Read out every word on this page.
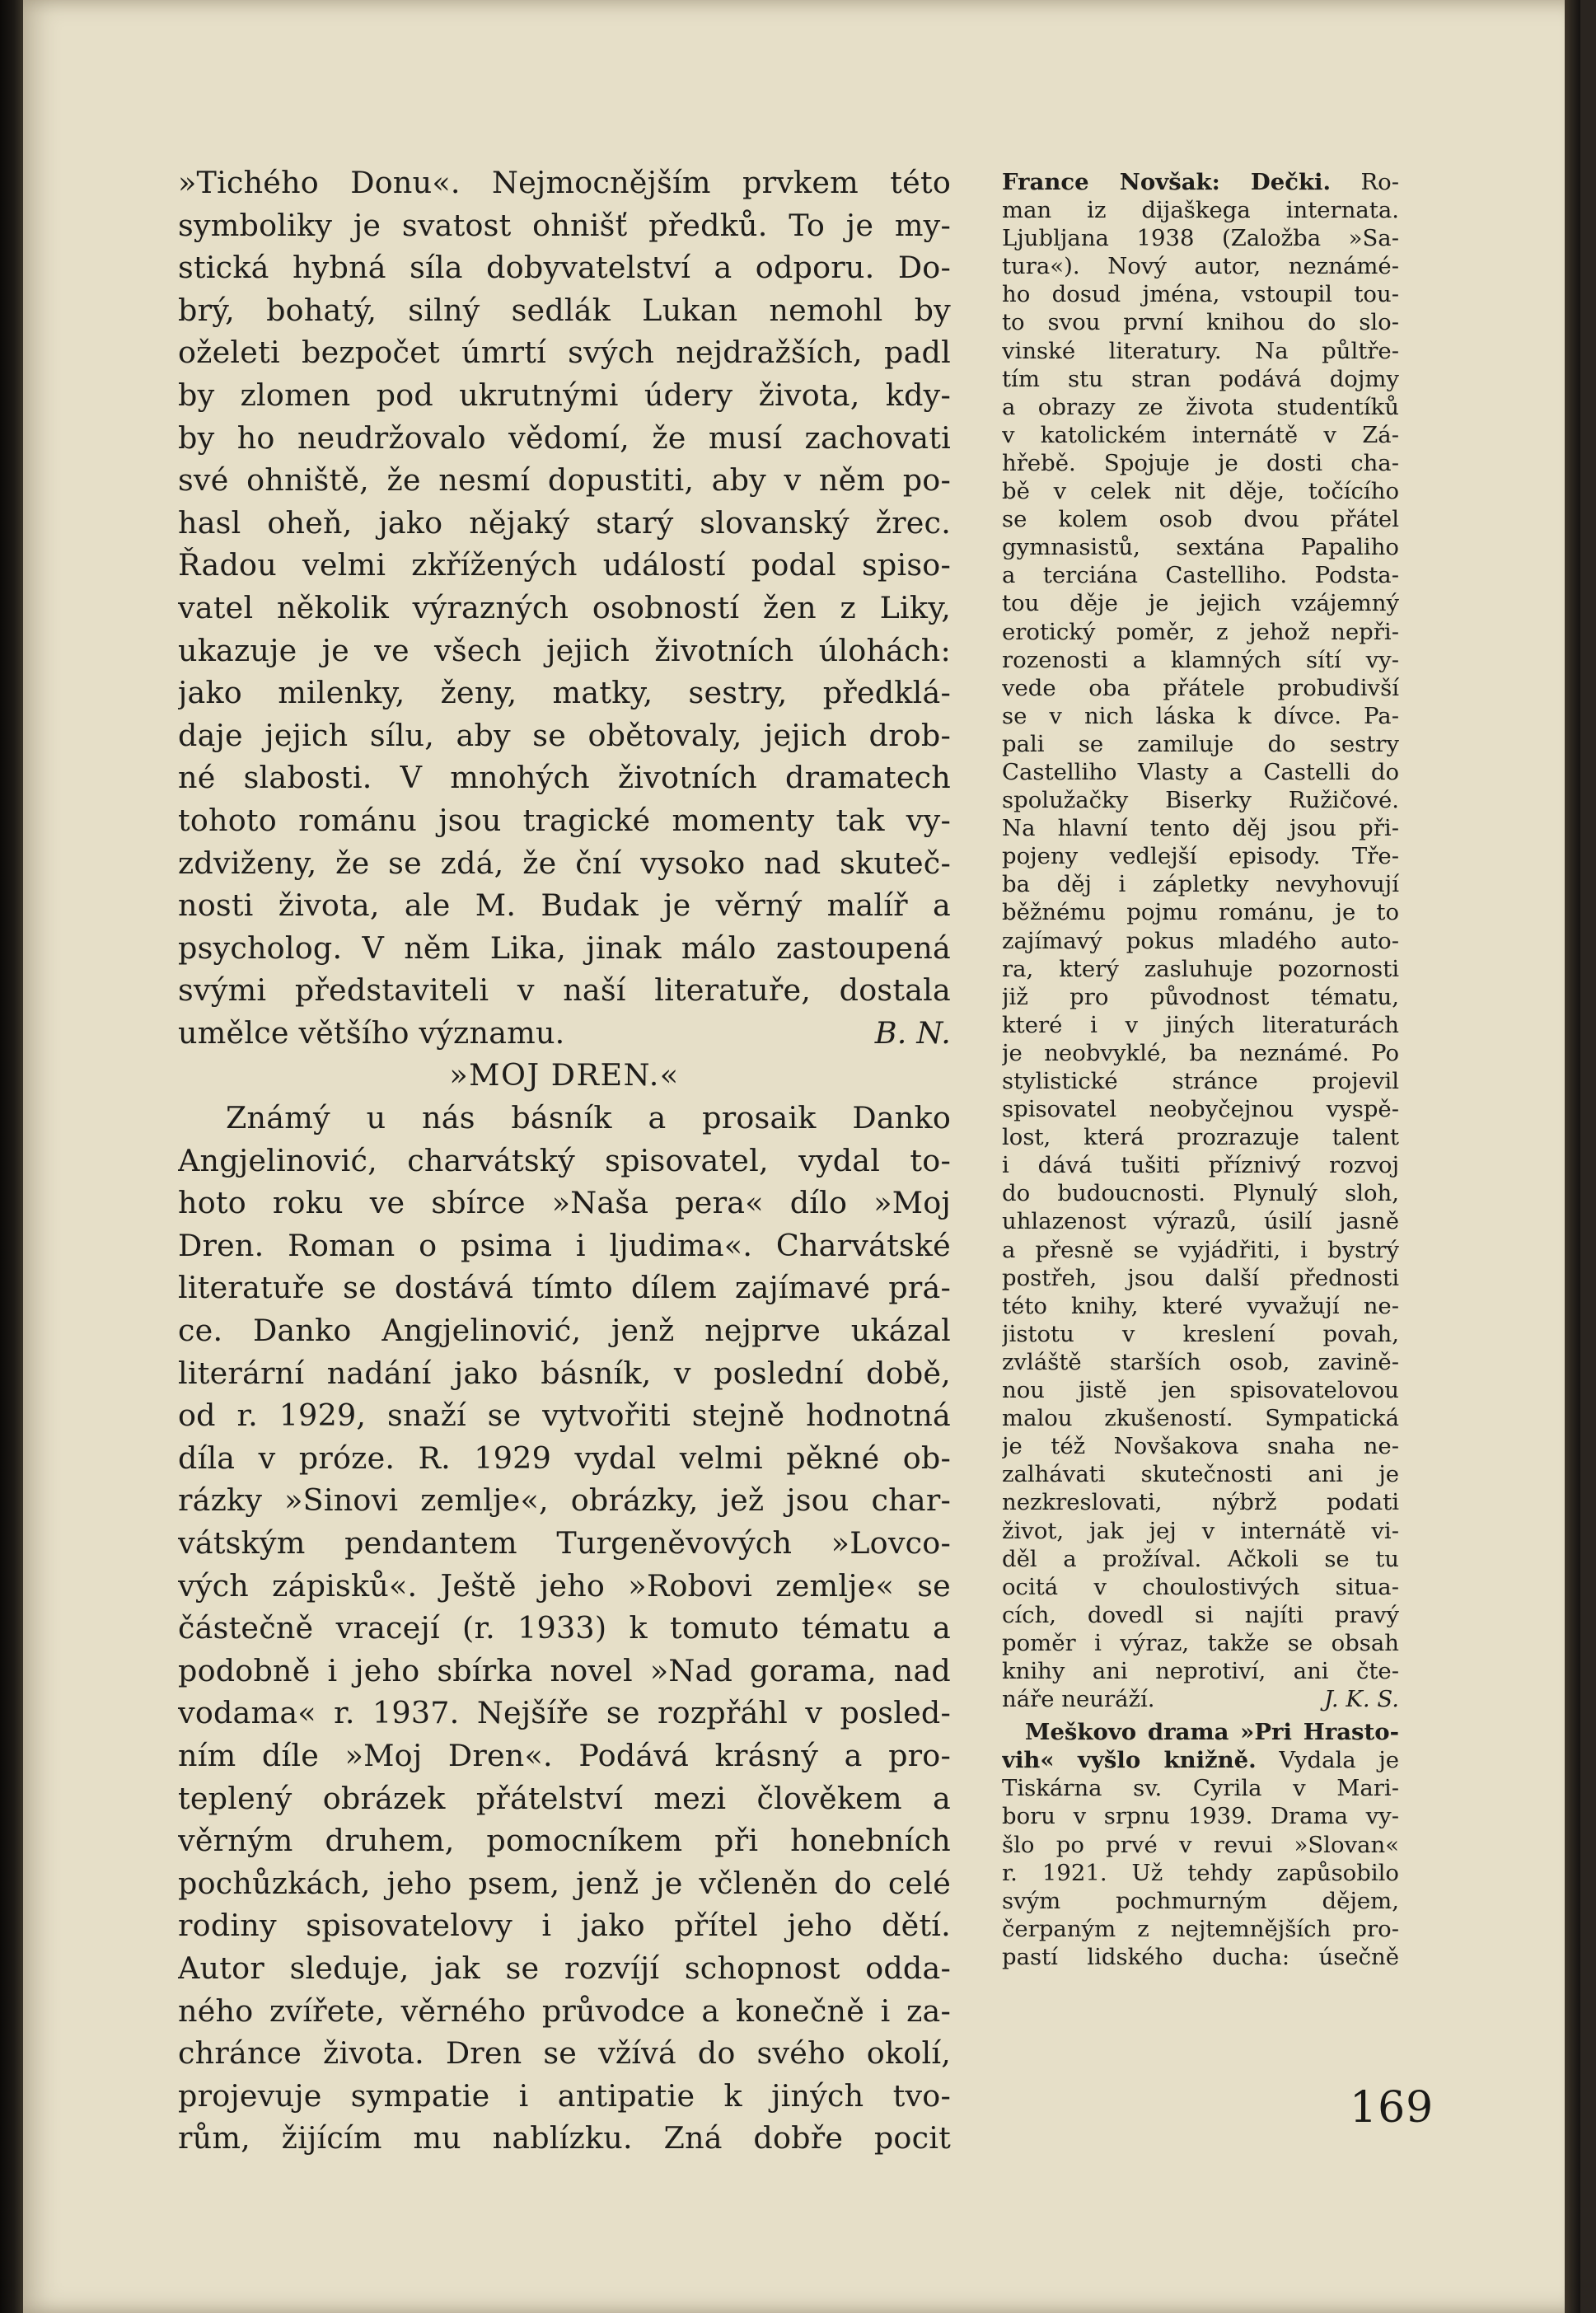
»Tichého Donu«. Nejmocnějším prvkem této
symboliky je svatost ohnišť předků. To je my-
stická hybná síla dobyvatelství a odporu. Do-
brý, bohatý, silný sedlák Lukan nemohl by
oželeti bezpočet úmrtí svých nejdražších, padl
by zlomen pod ukrutnými údery života, kdy-
by ho neudržovalo vědomí, že musí zachovati
své ohniště, že nesmí dopustiti, aby v něm po-
hasl oheň, jako nějaký starý slovanský žrec.
Řadou velmi zkřížených událostí podal spiso-
vatel několik výrazných osobností žen z Liky,
ukazuje je ve všech jejich životních úlohách:
jako milenky, ženy, matky, sestry, předklá-
daje jejich sílu, aby se obětovaly, jejich drob-
né slabosti. V mnohých životních dramatech
tohoto románu jsou tragické momenty tak vy-
zdviženy, že se zdá, že ční vysoko nad skuteč-
nosti života, ale M. Budak je věrný malíř a
psycholog. V něm Lika, jinak málo zastoupená
svými představiteli v naší literatuře, dostala
umělce většího významu.	B. N.
»MOJ DREN.«
Známý u nás básník a prosaik Danko
Angjelinović, charvátský spisovatel, vydal to-
hoto roku ve sbírce »Naša pera« dílo »Moj
Dren. Roman o psima i ljudima«. Charvátské
literatuře se dostává tímto dílem zajímavé prá-
ce. Danko Angjelinović, jenž nejprve ukázal
literární nadání jako básník, v poslední době,
od r. 1929, snaží se vytvořiti stejně hodnotná
díla v próze. R. 1929 vydal velmi pěkné ob-
rázky »Sinovi zemlje«, obrázky, jež jsou char-
vátským pendantem Turgeněvových »Lovco-
vých zápisků«. Ještě jeho »Robovi zemlje« se
částečně vracejí (r. 1933) k tomuto tématu a
podobně i jeho sbírka novel »Nad gorama, nad
vodama« r. 1937. Nejšíře se rozpřáhl v posled-
ním díle »Moj Dren«. Podává krásný a pro-
teplený obrázek přátelství mezi člověkem a
věrným druhem, pomocníkem při honebních
pochůzkách, jeho psem, jenž je včleněn do celé
rodiny spisovatelovy i jako přítel jeho dětí.
Autor sleduje, jak se rozvíjí schopnost odda-
ného zvířete, věrného průvodce a konečně i za-
chránce života. Dren se vžívá do svého okolí,
projevuje sympatie i antipatie k jiných tvo-
rům, žijícím mu nablízku. Zná dobře pocit
France Novšak: Dečki. Ro-
man iz dijaškega internata.
Ljubljana 1938 (Založba »Sa-
tura«). Nový autor, neznámé-
ho dosud jména, vstoupil tou-
to svou první knihou do slo-
vinské literatury. Na půltře-
tím stu stran podává dojmy
a obrazy ze života studentíků
v katolickém internátě v Zá-
hřebě. Spojuje je dosti cha-
bě v celek nit děje, točícího
se kolem osob dvou přátel
gymnasistů, sextána Papaliho
a terciána Castelliho. Podsta-
tou děje je jejich vzájemný
erotický poměr, z jehož nepři-
rozenosti a klamných sítí vy-
vede oba přátele probudivší
se v nich láska k dívce. Pa-
pali se zamiluje do sestry
Castelliho Vlasty a Castelli do
spolužačky Biserky Ružičové.
Na hlavní tento děj jsou při-
pojeny vedlejší episody. Tře-
ba děj i zápletky nevyhovují
běžnému pojmu románu, je to
zajímavý pokus mladého auto-
ra, který zasluhuje pozornosti
již pro původnost tématu,
které i v jiných literaturách
je neobvyklé, ba neznámé. Po
stylistické stránce projevil
spisovatel neobyčejnou vyspě-
lost, která prozrazuje talent
i dává tušiti příznivý rozvoj
do budoucnosti. Plynulý sloh,
uhlazenost výrazů, úsilí jasně
a přesně se vyjádřiti, i bystrý
postřeh, jsou další přednosti
této knihy, které vyvažují ne-
jistotu v kreslení povah,
zvláště starších osob, zavině-
nou jistě jen spisovatelovou
malou zkušeností. Sympatická
je též Novšakova snaha ne-
zalhávati skutečnosti ani je
nezkreslovati, nýbrž podati
život, jak jej v internátě vi-
děl a prožíval. Ačkoli se tu
ocitá v choulostivých situa-
cích, dovedl si najíti pravý
poměr i výraz, takže se obsah
knihy ani neprotiví, ani čte-
náře neuráží.	J. K. S.
Meškovo drama »Pri Hrasto-
vih« vyšlo knižně. Vydala je
Tiskárna sv. Cyrila v Mari-
boru v srpnu 1939. Drama vy-
šlo po prvé v revui »Slovan«
r. 1921. Už tehdy zapůsobilo
svým pochmurným dějem,
čerpaným z nejtemnějších pro-
pastí lidského ducha: úsečně
169
